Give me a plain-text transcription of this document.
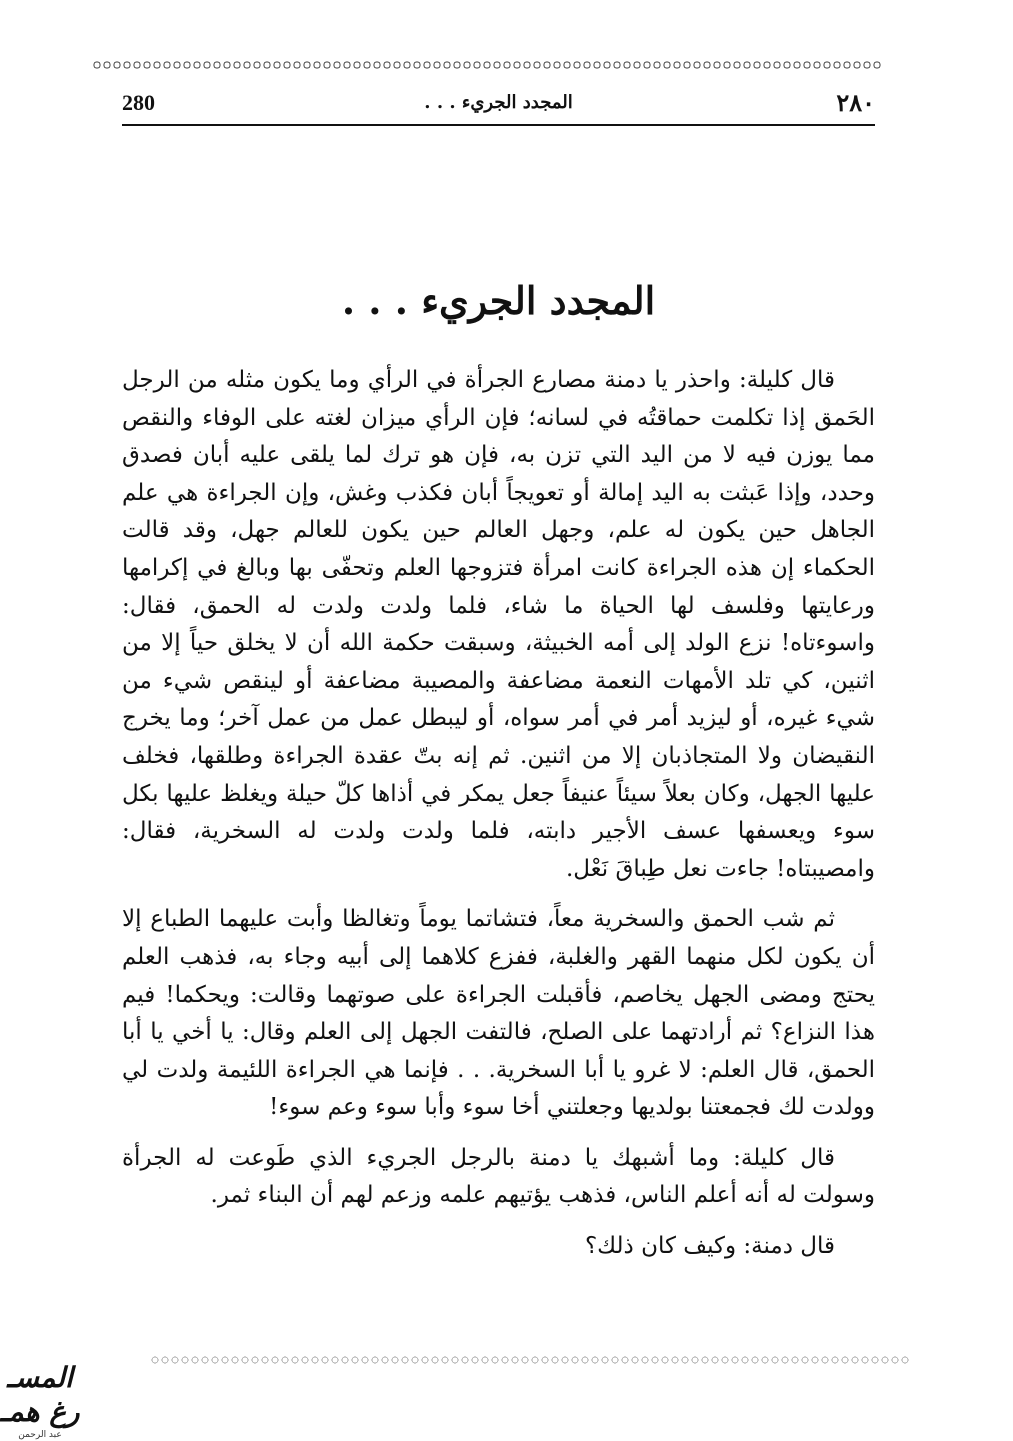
280	المجدد الجريء . . .	٢٨٠
المجدد الجريء . . .

قال كليلة: واحذر يا دمنة مصارع الجرأة في الرأي وما يكون مثله من الرجل الحَمق إذا تكلمت حماقتُه في لسانه؛ فإن الرأي ميزان لغته على الوفاء والنقص مما يوزن فيه لا من اليد التي تزن به، فإن هو ترك لما يلقى عليه أبان فصدق وحدد، وإذا عَبثت به اليد إمالة أو تعويجاً أبان فكذب وغش، وإن الجراءة هي علم الجاهل حين يكون له علم، وجهل العالم حين يكون للعالم جهل، وقد قالت الحكماء إن هذه الجراءة كانت امرأة فتزوجها العلم وتحفّى بها وبالغ في إكرامها ورعايتها وفلسف لها الحياة ما شاء، فلما ولدت ولدت له الحمق، فقال: واسوءتاه! نزع الولد إلى أمه الخبيثة، وسبقت حكمة الله أن لا يخلق حياً إلا من اثنين، كي تلد الأمهات النعمة مضاعفة والمصيبة مضاعفة أو لينقص شيء من شيء غيره، أو ليزيد أمر في أمر سواه، أو ليبطل عمل من عمل آخر؛ وما يخرج النقيضان ولا المتجاذبان إلا من اثنين. ثم إنه بتّ عقدة الجراءة وطلقها، فخلف عليها الجهل، وكان بعلاً سيئاً عنيفاً جعل يمكر في أذاها كلّ حيلة ويغلظ عليها بكل سوء ويعسفها عسف الأجير دابته، فلما ولدت ولدت له السخرية، فقال: وامصيبتاه! جاءت نعل طِباقَ نَعْل.

ثم شب الحمق والسخرية معاً، فتشاتما يوماً وتغالظا وأبت عليهما الطباع إلا أن يكون لكل منهما القهر والغلبة، ففزع كلاهما إلى أبيه وجاء به، فذهب العلم يحتج ومضى الجهل يخاصم، فأقبلت الجراءة على صوتهما وقالت: ويحكما! فيم هذا النزاع؟ ثم أرادتهما على الصلح، فالتفت الجهل إلى العلم وقال: يا أخي يا أبا الحمق، قال العلم: لا غرو يا أبا السخرية. . . فإنما هي الجراءة اللئيمة ولدت لي وولدت لك فجمعتنا بولديها وجعلتني أخا سوء وأبا سوء وعم سوء!

قال كليلة: وما أشبهك يا دمنة بالرجل الجريء الذي طَوعت له الجرأة وسولت له أنه أعلم الناس، فذهب يؤتيهم علمه وزعم لهم أن البناء ثمر.

قال دمنة: وكيف كان ذلك؟

المسـ رغ همـ
عبد الرحمن
